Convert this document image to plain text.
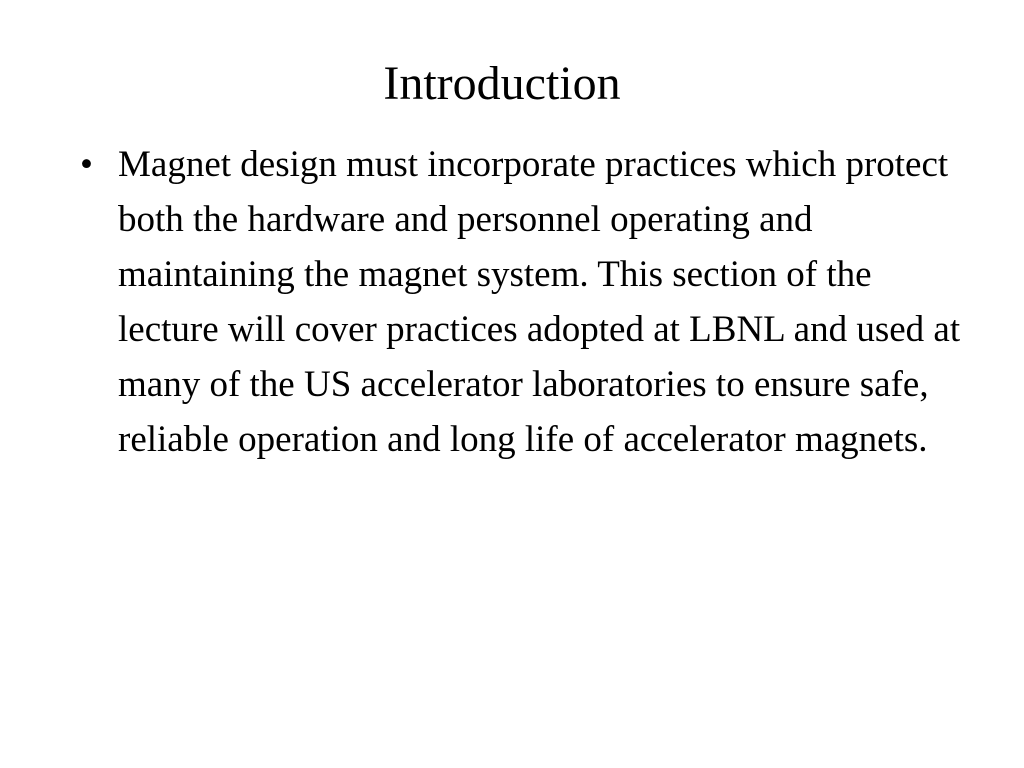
Introduction
• Magnet design must incorporate practices which protect both the hardware and personnel operating and maintaining the magnet system. This section of the lecture will cover practices adopted at LBNL and used at many of the US accelerator laboratories to ensure safe, reliable operation and long life of accelerator magnets.
